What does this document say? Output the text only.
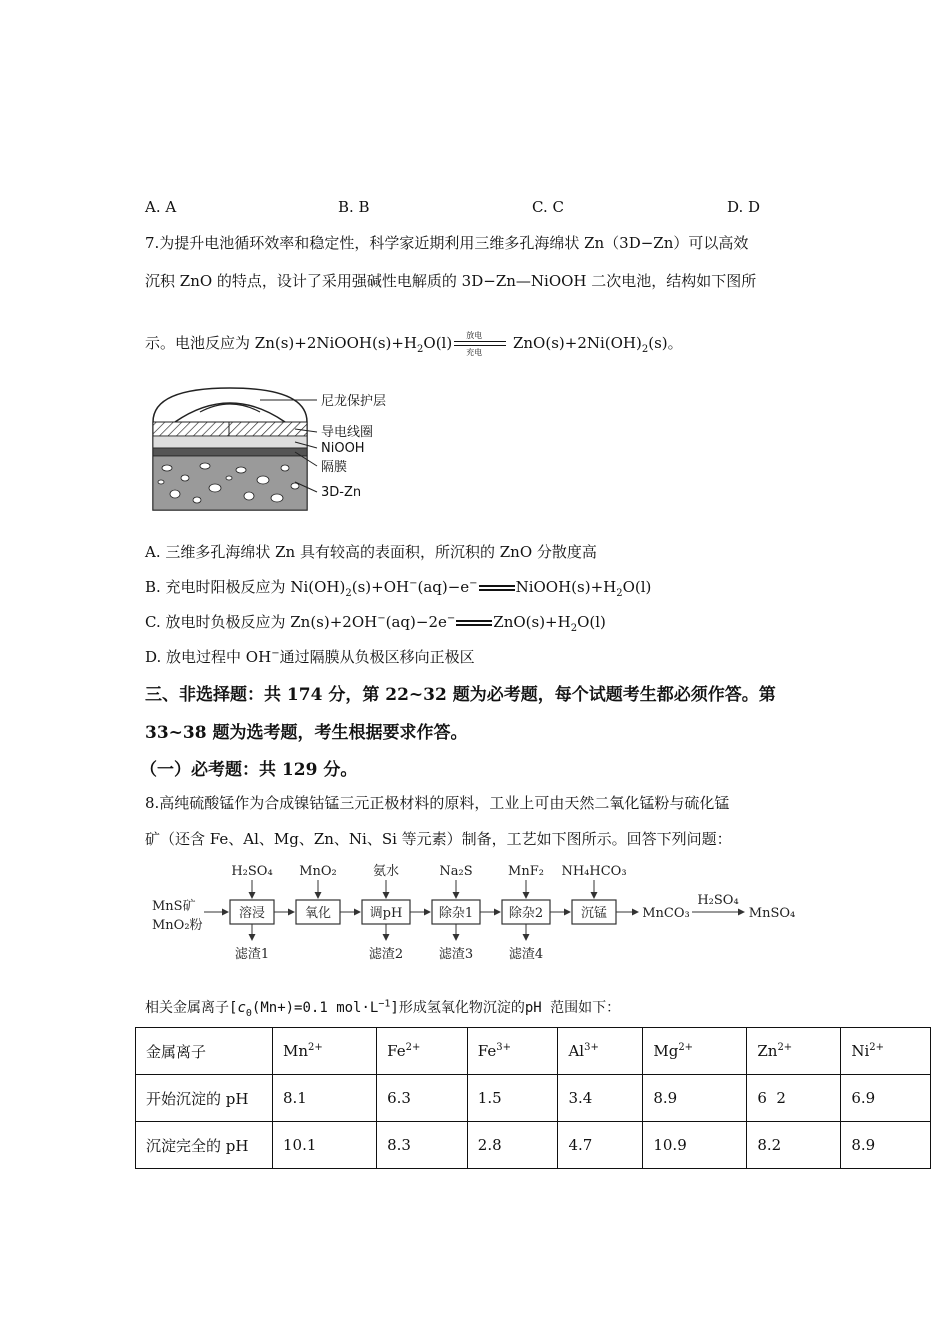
A. A	B. B	C. C	D. D
7.为提升电池循环效率和稳定性，科学家近期利用三维多孔海绵状 Zn（3D−Zn）可以高效
沉积 ZnO 的特点，设计了采用强碱性电解质的 3D−Zn—NiOOH 二次电池，结构如下图所
示。电池反应为 $Zn(s)+2NiOOH(s)+H_2O(l)$ 放电
充电
$ZnO(s)+2Ni(OH)_2(s)$。
尼龙保护层
导电线圈
NiOOH
隔膜
3D-Zn
A. 三维多孔海绵状 Zn 具有较高的表面积，所沉积的 ZnO 分散度高
B. 充电时阳极反应为 $Ni(OH)_2(s)+OH^-(aq)-e^-$	$NiOOH(s)+H_2O(l)$
C. 放电时负极反应为 Zn(s)+2OH−(aq)−2e−	$ZnO(s)+H_2O(l)$
D. 放电过程中 OH−通过隔膜从负极区移向正极区
三、非选择题：共 174 分，第 22~32 题为必考题，每个试题考生都必须作答。第
33~38 题为选考题，考生根据要求作答。
（一）必考题：共 129 分。
8.高纯硫酸锰作为合成镍钴锰三元正极材料的原料，工业上可由天然二氧化锰粉与硫化锰
矿（还含 Fe、Al、Mg、Zn、Ni、Si 等元素）制备，工艺如下图所示。回答下列问题：
MnS矿
MnO₂粉
H₂SO₄ MnO₂	氨水	Na₂S	MnF₂ NH₄HCO₃
溶浸	氧化	调pH	除杂1	除杂2	沉锰
滤渣1	滤渣2	滤渣3	滤渣4
MnCO₃
H₂SO₄
MnSO₄
相关金属离子[$c_0(Mn+)=0.1$ $mol\cdot L^{-1}$]形成氢氧化物沉淀的pH 范围如下：
金属离子	$Mn^{2+}$	$Fe^{2+}$	$Fe^{3+}$	$Al^{3+}$	$Mg^{2+}$	$Zn^{2+}$	$Ni^{2+}$
开始沉淀的 pH	8.1	6.3	1.5	3.4	8.9	6  2	6.9
沉淀完全的 pH	10.1	8.3	2.8	4.7	10.9	8.2	8.9
